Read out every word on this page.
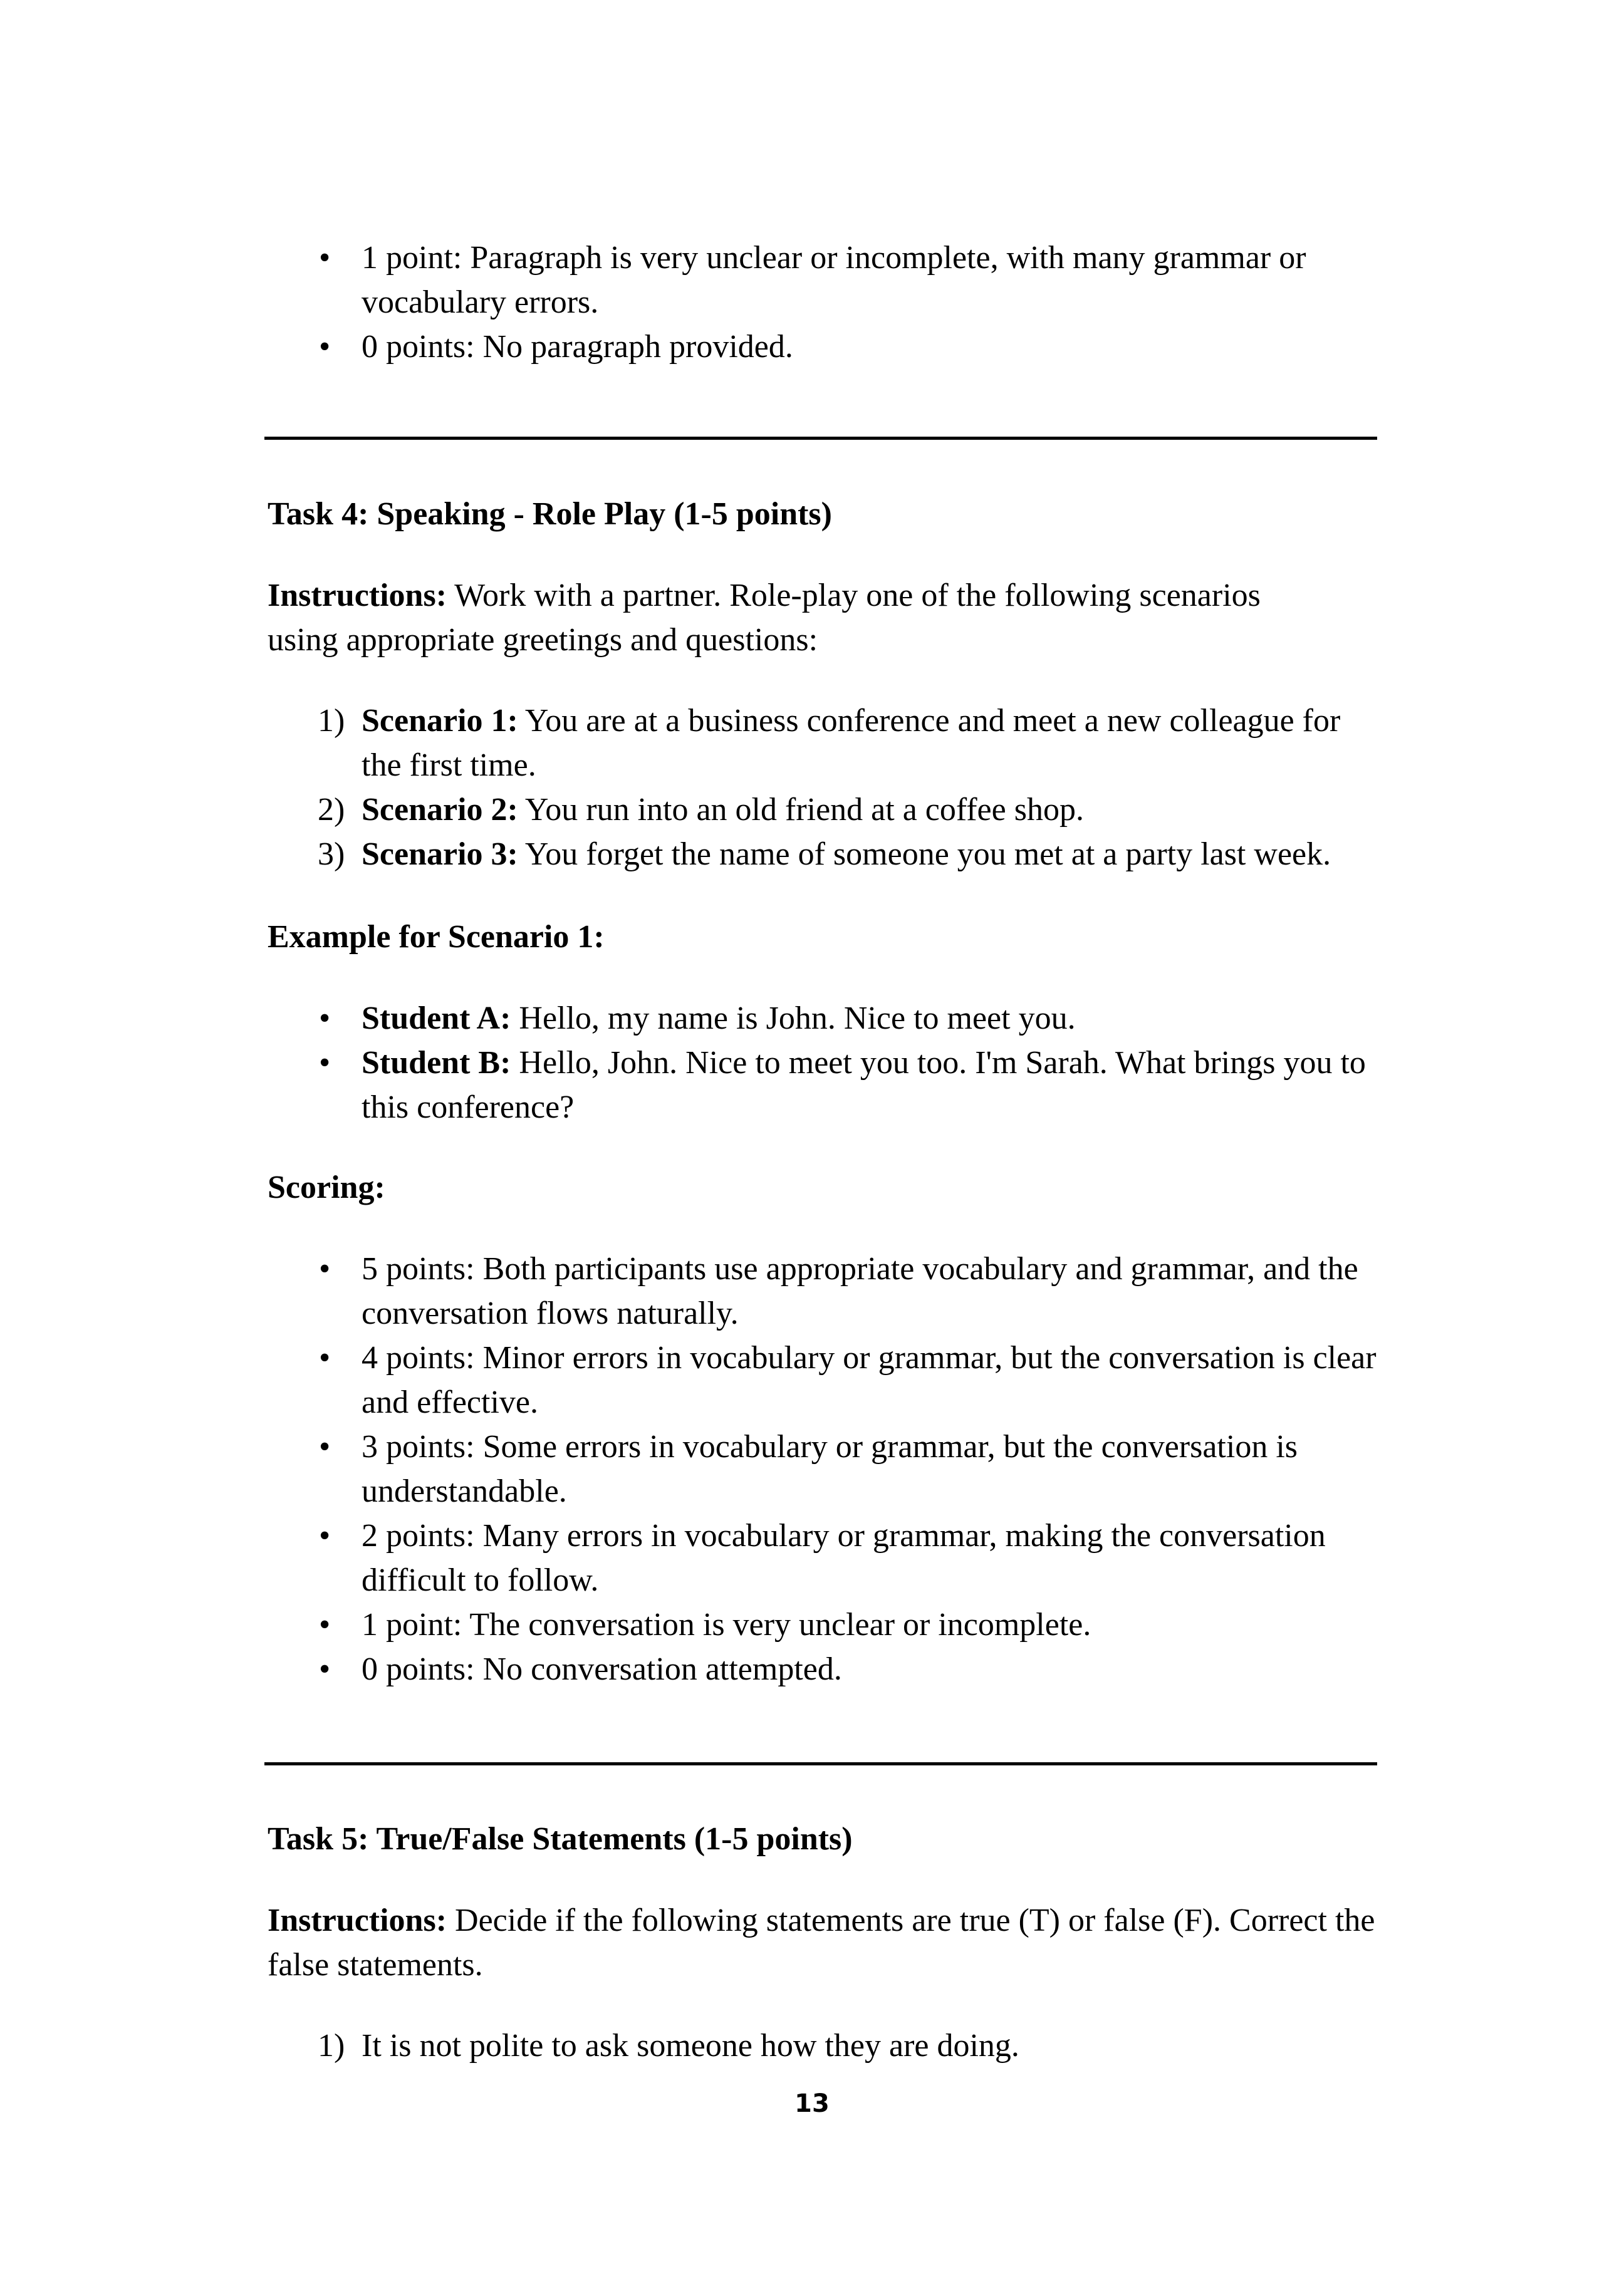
• 1 point: Paragraph is very unclear or incomplete, with many grammar or vocabulary errors.
• 0 points: No paragraph provided.
Task 4: Speaking - Role Play (1-5 points)
Instructions: Work with a partner. Role-play one of the following scenarios using appropriate greetings and questions:
1) Scenario 1: You are at a business conference and meet a new colleague for the first time.
2) Scenario 2: You run into an old friend at a coffee shop.
3) Scenario 3: You forget the name of someone you met at a party last week.
Example for Scenario 1:
• Student A: Hello, my name is John. Nice to meet you.
• Student B: Hello, John. Nice to meet you too. I'm Sarah. What brings you to this conference?
Scoring:
• 5 points: Both participants use appropriate vocabulary and grammar, and the conversation flows naturally.
• 4 points: Minor errors in vocabulary or grammar, but the conversation is clear and effective.
• 3 points: Some errors in vocabulary or grammar, but the conversation is understandable.
• 2 points: Many errors in vocabulary or grammar, making the conversation difficult to follow.
• 1 point: The conversation is very unclear or incomplete.
• 0 points: No conversation attempted.
Task 5: True/False Statements (1-5 points)
Instructions: Decide if the following statements are true (T) or false (F). Correct the false statements.
1) It is not polite to ask someone how they are doing.
13
